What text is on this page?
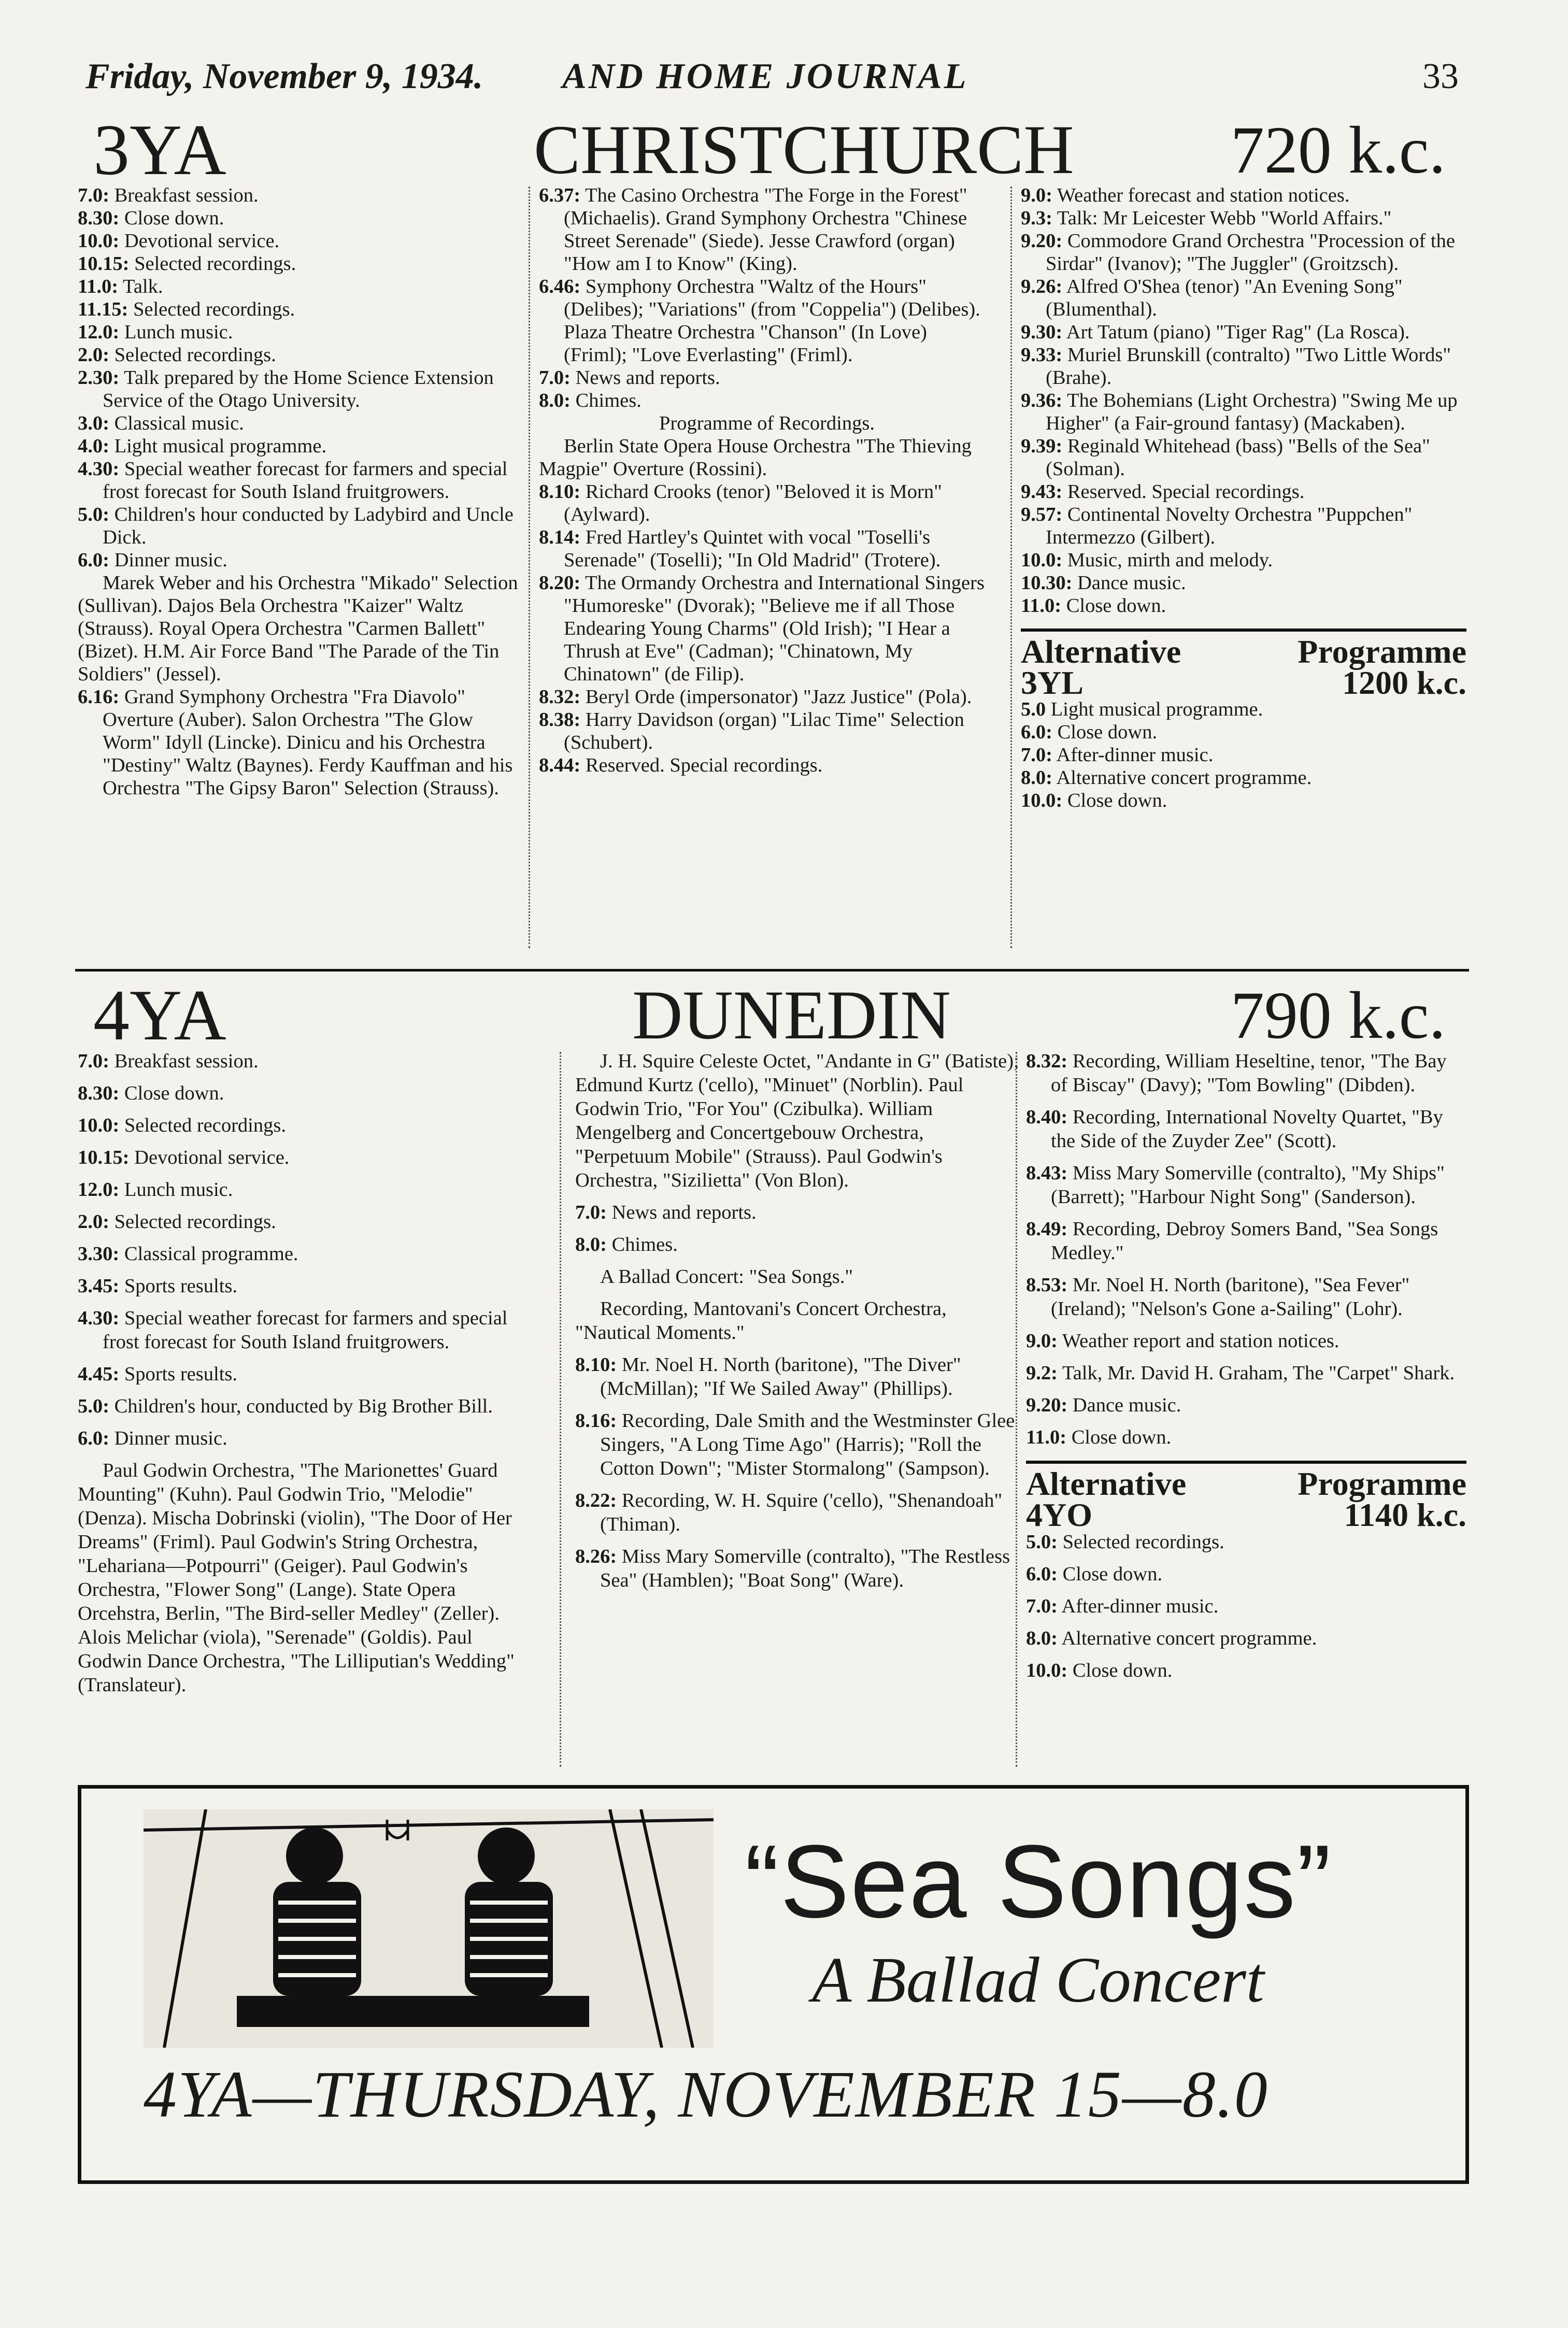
Friday, November 9, 1934. AND HOME JOURNAL	33
3YA	CHRISTCHURCH 720 k.c.

7.0: Breakfast session.

8.30: Close down.

10.0: Devotional service.

10.15: Selected recordings.

11.0: Talk.

11.15: Selected recordings.

12.0: Lunch music.

2.0: Selected recordings.

2.30: Talk prepared by the Home Science Extension Service of the Otago University.

3.0: Classical music.

4.0: Light musical programme.

4.30: Special weather forecast for farmers and special frost forecast for South Island fruitgrowers.

5.0: Children's hour conducted by Ladybird and Uncle Dick.

6.0: Dinner music.

Marek Weber and his Orchestra "Mikado" Selection (Sullivan). Dajos Bela Orchestra "Kaizer" Waltz (Strauss). Royal Opera Orchestra "Carmen Ballett" (Bizet). H.M. Air Force Band "The Parade of the Tin Soldiers" (Jessel).

6.16: Grand Symphony Orchestra "Fra Diavolo" Overture (Auber). Salon Orchestra "The Glow Worm" Idyll (Lincke). Dinicu and his Orchestra "Destiny" Waltz (Baynes). Ferdy Kauffman and his Orchestra "The Gipsy Baron" Selection (Strauss).

6.37: The Casino Orchestra "The Forge in the Forest" (Michaelis). Grand Symphony Orchestra "Chinese Street Serenade" (Siede). Jesse Crawford (organ) "How am I to Know" (King).

6.46: Symphony Orchestra "Waltz of the Hours" (Delibes); "Variations" (from "Coppelia") (Delibes). Plaza Theatre Orchestra "Chanson" (In Love) (Friml); "Love Everlasting" (Friml).

7.0: News and reports.

8.0: Chimes.

Programme of Recordings.

Berlin State Opera House Orchestra "The Thieving Magpie" Overture (Rossini).

8.10: Richard Crooks (tenor) "Beloved it is Morn" (Aylward).

8.14: Fred Hartley's Quintet with vocal "Toselli's Serenade" (Toselli); "In Old Madrid" (Trotere).

8.20: The Ormandy Orchestra and International Singers "Humoreske" (Dvorak); "Believe me if all Those Endearing Young Charms" (Old Irish); "I Hear a Thrush at Eve" (Cadman); "Chinatown, My Chinatown" (de Filip).

8.32: Beryl Orde (impersonator) "Jazz Justice" (Pola).

8.38: Harry Davidson (organ) "Lilac Time" Selection (Schubert).

8.44: Reserved. Special recordings.

9.0: Weather forecast and station notices.

9.3: Talk: Mr Leicester Webb "World Affairs."

9.20: Commodore Grand Orchestra "Procession of the Sirdar" (Ivanov); "The Juggler" (Groitzsch).

9.26: Alfred O'Shea (tenor) "An Evening Song" (Blumenthal).

9.30: Art Tatum (piano) "Tiger Rag" (La Rosca).

9.33: Muriel Brunskill (contralto) "Two Little Words" (Brahe).

9.36: The Bohemians (Light Orchestra) "Swing Me up Higher" (a Fair-ground fantasy) (Mackaben).

9.39: Reginald Whitehead (bass) "Bells of the Sea" (Solman).

9.43: Reserved. Special recordings.

9.57: Continental Novelty Orchestra "Puppchen" Intermezzo (Gilbert).

10.0: Music, mirth and melody.

10.30: Dance music.

11.0: Close down.

Alternative	Programme
3YL	1200 k.c.

5.0 Light musical programme.

6.0: Close down.

7.0: After-dinner music.

8.0: Alternative concert programme.

10.0: Close down.

4YA	DUNEDIN	790 k.c.

7.0: Breakfast session.

8.30: Close down.

10.0: Selected recordings.

10.15: Devotional service.

12.0: Lunch music.

2.0: Selected recordings.

3.30: Classical programme.

3.45: Sports results.

4.30: Special weather forecast for farmers and special frost forecast for South Island fruitgrowers.

4.45: Sports results.

5.0: Children's hour, conducted by Big Brother Bill.

6.0: Dinner music.

Paul Godwin Orchestra, "The Marionettes' Guard Mounting" (Kuhn). Paul Godwin Trio, "Melodie" (Denza). Mischa Dobrinski (violin), "The Door of Her Dreams" (Friml). Paul Godwin's String Orchestra, "Lehariana—Potpourri" (Geiger). Paul Godwin's Orchestra, "Flower Song" (Lange). State Opera Orcehstra, Berlin, "The Bird-seller Medley" (Zeller). Alois Melichar (viola), "Serenade" (Goldis). Paul Godwin Dance Orchestra, "The Lilliputian's Wedding" (Translateur).

J. H. Squire Celeste Octet, "Andante in G" (Batiste); Edmund Kurtz ('cello), "Minuet" (Norblin). Paul Godwin Trio, "For You" (Czibulka). William Mengelberg and Concertgebouw Orchestra, "Perpetuum Mobile" (Strauss). Paul Godwin's Orchestra, "Sizilietta" (Von Blon).

7.0: News and reports.

8.0: Chimes.

A Ballad Concert: "Sea Songs."

Recording, Mantovani's Concert Orchestra, "Nautical Moments."

8.10: Mr. Noel H. North (baritone), "The Diver" (McMillan); "If We Sailed Away" (Phillips).

8.16: Recording, Dale Smith and the Westminster Glee Singers, "A Long Time Ago" (Harris); "Roll the Cotton Down"; "Mister Stormalong" (Sampson).

8.22: Recording, W. H. Squire ('cello), "Shenandoah" (Thiman).

8.26: Miss Mary Somerville (contralto), "The Restless Sea" (Hamblen); "Boat Song" (Ware).

8.32: Recording, William Heseltine, tenor, "The Bay of Biscay" (Davy); "Tom Bowling" (Dibden).

8.40: Recording, International Novelty Quartet, "By the Side of the Zuyder Zee" (Scott).

8.43: Miss Mary Somerville (contralto), "My Ships" (Barrett); "Harbour Night Song" (Sanderson).

8.49: Recording, Debroy Somers Band, "Sea Songs Medley."

8.53: Mr. Noel H. North (baritone), "Sea Fever" (Ireland); "Nelson's Gone a-Sailing" (Lohr).

9.0: Weather report and station notices.

9.2: Talk, Mr. David H. Graham, The "Carpet" Shark.

9.20: Dance music.

11.0: Close down.

Alternative	Programme
4YO	1140 k.c.

5.0: Selected recordings.

6.0: Close down.

7.0: After-dinner music.

8.0: Alternative concert programme.

10.0: Close down.

“Sea Songs”
A Ballad Concert
4YA—THURSDAY, NOVEMBER 15—8.0
